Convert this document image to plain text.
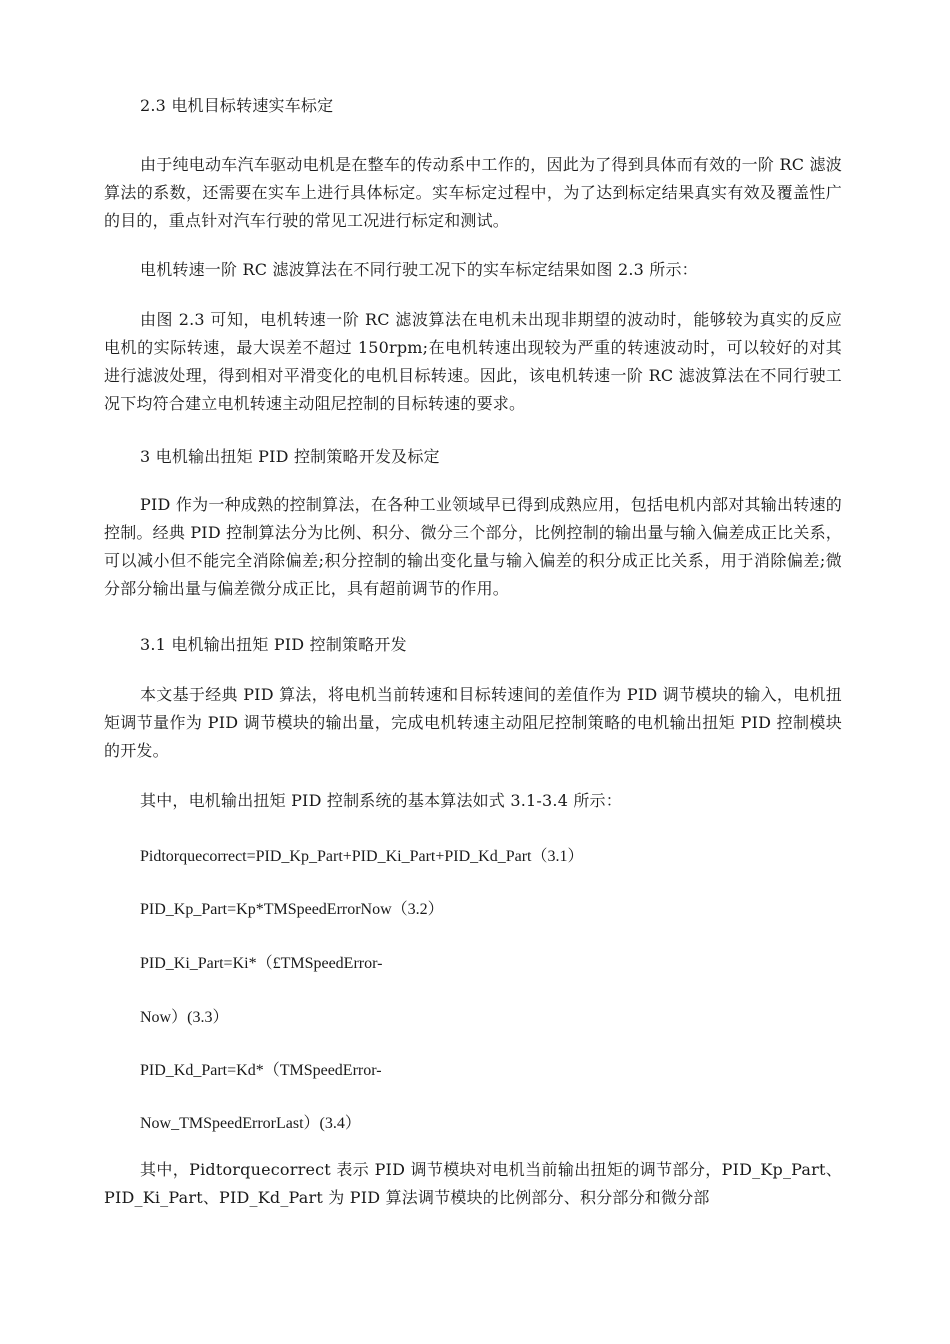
2.3 电机目标转速实车标定

由于纯电动车汽车驱动电机是在整车的传动系中工作的，因此为了得到具体而有效的一阶 RC 滤波算法的系数，还需要在实车上进行具体标定。实车标定过程中，为了达到标定结果真实有效及覆盖性广的目的，重点针对汽车行驶的常见工况进行标定和测试。

电机转速一阶 RC 滤波算法在不同行驶工况下的实车标定结果如图 2.3 所示：

由图 2.3 可知，电机转速一阶 RC 滤波算法在电机未出现非期望的波动时，能够较为真实的反应电机的实际转速，最大误差不超过 150rpm;在电机转速出现较为严重的转速波动时，可以较好的对其进行滤波处理，得到相对平滑变化的电机目标转速。因此，该电机转速一阶 RC 滤波算法在不同行驶工况下均符合建立电机转速主动阻尼控制的目标转速的要求。

3 电机输出扭矩 PID 控制策略开发及标定

PID 作为一种成熟的控制算法，在各种工业领域早已得到成熟应用，包括电机内部对其输出转速的控制。经典 PID 控制算法分为比例、积分、微分三个部分，比例控制的输出量与输入偏差成正比关系，可以减小但不能完全消除偏差;积分控制的输出变化量与输入偏差的积分成正比关系，用于消除偏差;微分部分输出量与偏差微分成正比，具有超前调节的作用。

3.1 电机输出扭矩 PID 控制策略开发

本文基于经典 PID 算法，将电机当前转速和目标转速间的差值作为 PID 调节模块的输入，电机扭矩调节量作为 PID 调节模块的输出量，完成电机转速主动阻尼控制策略的电机输出扭矩 PID 控制模块的开发。

其中，电机输出扭矩 PID 控制系统的基本算法如式 3.1-3.4 所示：

Pidtorquecorrect=PID_Kp_Part+PID_Ki_Part+PID_Kd_Part（3.1）

PID_Kp_Part=Kp*TMSpeedErrorNow（3.2）

PID_Ki_Part=Ki*（£TMSpeedError-

Now）(3.3）

PID_Kd_Part=Kd*（TMSpeedError-

Now_TMSpeedErrorLast）(3.4）

其中，Pidtorquecorrect 表示 PID 调节模块对电机当前输出扭矩的调节部分，PID_Kp_Part、PID_Ki_Part、PID_Kd_Part 为 PID 算法调节模块的比例部分、积分部分和微分部
